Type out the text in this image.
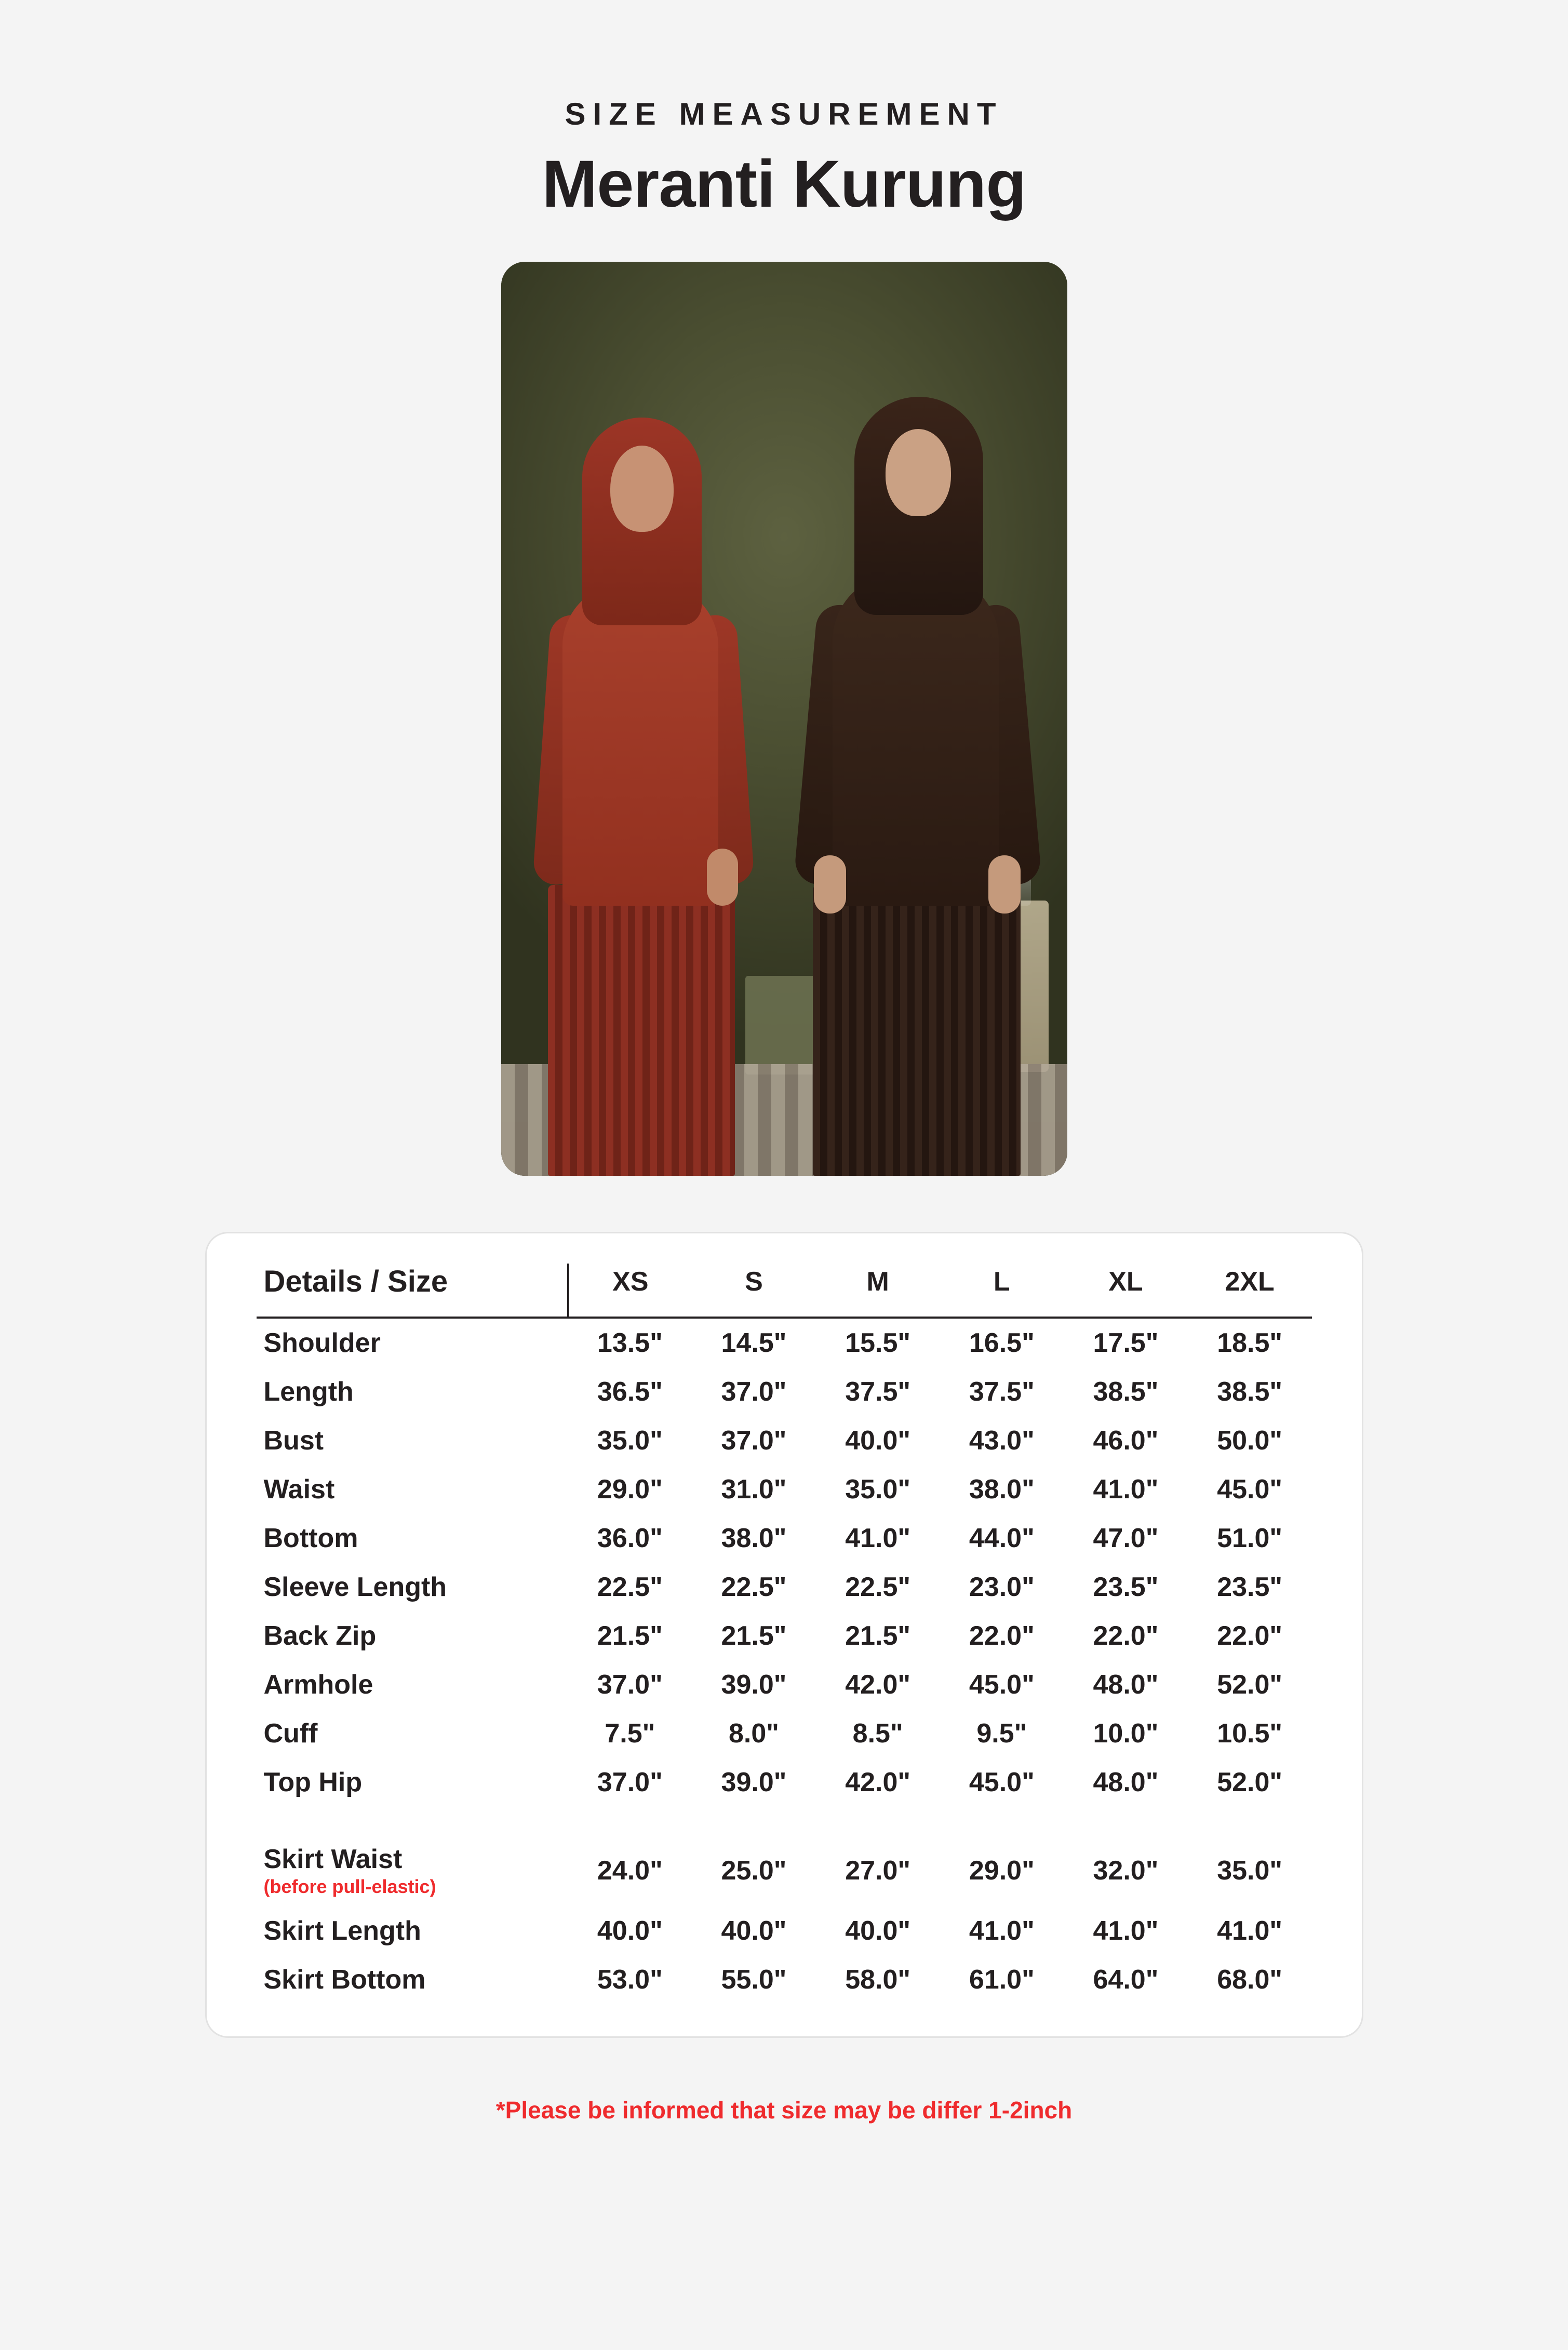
SIZE MEASUREMENT
Meranti Kurung
Details / Size	XS	S	M	L	XL	2XL
Shoulder	13.5"	14.5"	15.5"	16.5"	17.5"	18.5"
Length	36.5"	37.0"	37.5"	37.5"	38.5"	38.5"
Bust	35.0"	37.0"	40.0"	43.0"	46.0"	50.0"
Waist	29.0"	31.0"	35.0"	38.0"	41.0"	45.0"
Bottom	36.0"	38.0"	41.0"	44.0"	47.0"	51.0"
Sleeve Length	22.5"	22.5"	22.5"	23.0"	23.5"	23.5"
Back Zip	21.5"	21.5"	21.5"	22.0"	22.0"	22.0"
Armhole	37.0"	39.0"	42.0"	45.0"	48.0"	52.0"
Cuff	7.5"	8.0"	8.5"	9.5"	10.0"	10.5"
Top Hip	37.0"	39.0"	42.0"	45.0"	48.0"	52.0"

Skirt Waist
(before pull-elastic)	24.0"	25.0"	27.0"	29.0"	32.0"	35.0"
Skirt Length	40.0"	40.0"	40.0"	41.0"	41.0"	41.0"
Skirt Bottom	53.0"	55.0"	58.0"	61.0"	64.0"	68.0"
*Please be informed that size may be differ 1-2inch
